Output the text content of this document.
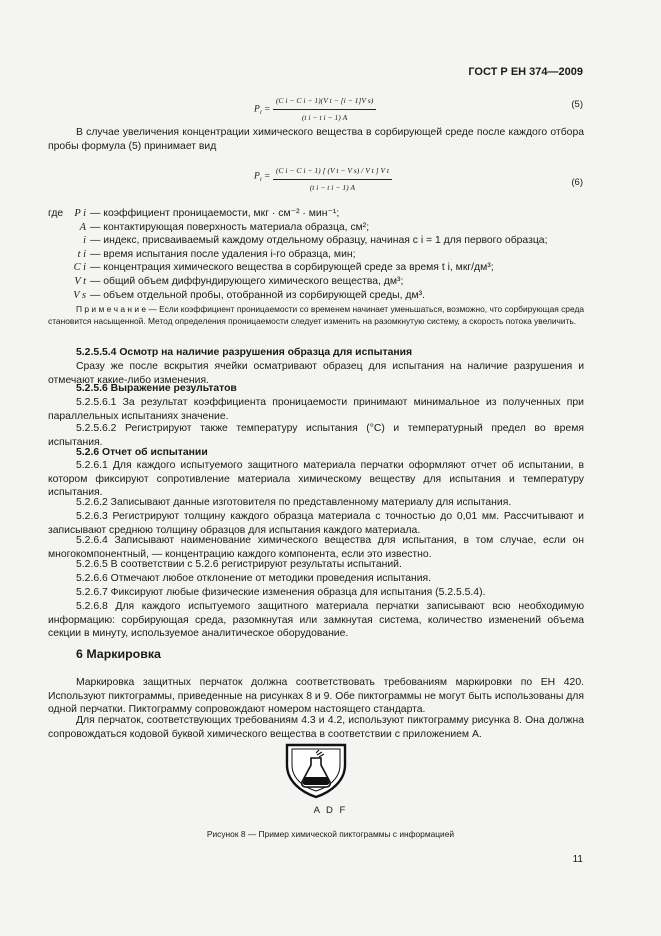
ГОСТ Р ЕН 374—2009
$P_i = \frac{\text{(C i − C i − 1)(V t − [i − 1]V s)}}{\text{(t i − t i − 1) A}}$	(5)
В случае увеличения концентрации химического вещества в сорбирующей среде после каждого отбора пробы формула (5) принимает вид
$P_i = \frac{\text{(C i − C i − 1) [ (V t − V s) / V t ] V t}}{\text{(t i − t i − 1) A}}$	(6)
где	P i — коэффициент проницаемости, мкг · см⁻² · мин⁻¹;
A — контактирующая поверхность материала образца, см²;
i — индекс, присваиваемый каждому отдельному образцу, начиная с i = 1 для первого образца;
t i — время испытания после удаления i-го образца, мин;
C i — концентрация химического вещества в сорбирующей среде за время t i, мкг/дм³;
V t — общий объем диффундирующего химического вещества, дм³;
V s — объем отдельной пробы, отобранной из сорбирующей среды, дм³.
П р и м е ч а н и е — Если коэффициент проницаемости со временем начинает уменьшаться, возможно, что сорбирующая среда становится насыщенной. Метод определения проницаемости следует изменить на разомкнутую систему, а скорость потока увеличить.
5.2.5.5.4 Осмотр на наличие разрушения образца для испытания
Сразу же после вскрытия ячейки осматривают образец для испытания на наличие разрушения и отмечают какие-либо изменения.
5.2.5.6 Выражение результатов
5.2.5.6.1 За результат коэффициента проницаемости принимают минимальное из полученных при параллельных испытаниях значение.
5.2.5.6.2 Регистрируют также температуру испытания (°С) и температурный предел во время испытания.
5.2.6 Отчет об испытании
5.2.6.1 Для каждого испытуемого защитного материала перчатки оформляют отчет об испытании, в котором фиксируют сопротивление материала химическому веществу для испытания и температуру испытания.
5.2.6.2 Записывают данные изготовителя по представленному материалу для испытания.
5.2.6.3 Регистрируют толщину каждого образца материала с точностью до 0,01 мм. Рассчитывают и записывают среднюю толщину образцов для испытания каждого материала.
5.2.6.4 Записывают наименование химического вещества для испытания, в том случае, если он многокомпонентный, — концентрацию каждого компонента, если это известно.
5.2.6.5 В соответствии с 5.2.6 регистрируют результаты испытаний.
5.2.6.6 Отмечают любое отклонение от методики проведения испытания.
5.2.6.7 Фиксируют любые физические изменения образца для испытания (5.2.5.5.4).
5.2.6.8 Для каждого испытуемого защитного материала перчатки записывают всю необходимую информацию: сорбирующая среда, разомкнутая или замкнутая система, количество изменений объема секции в минуту, используемое аналитическое оборудование.
6 Маркировка
Маркировка защитных перчаток должна соответствовать требованиям маркировки по ЕН 420. Используют пиктограммы, приведенные на рисунках 8 и 9. Обе пиктограммы не могут быть использованы для одной перчатки. Пиктограмму сопровождают номером настоящего стандарта.
Для перчаток, соответствующих требованиям 4.3 и 4.2, используют пиктограмму рисунка 8. Она должна сопровождаться кодовой буквой химического вещества в соответствии с приложением А.
A D F
Рисунок 8 — Пример химической пиктограммы с информацией
11
